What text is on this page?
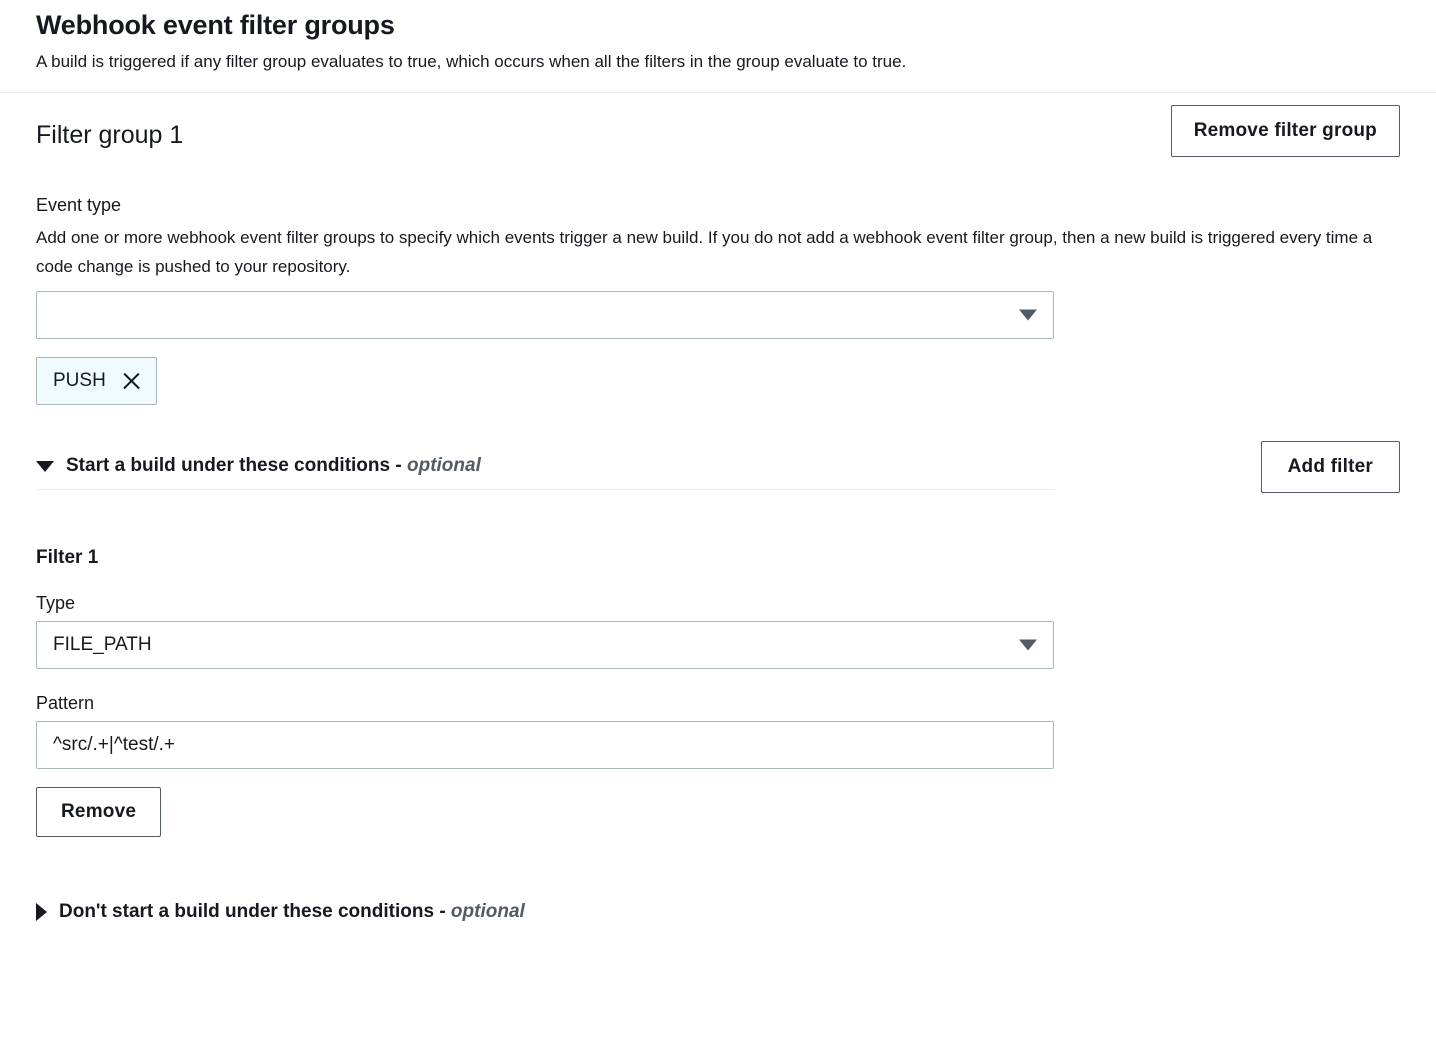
Webhook event filter groups

A build is triggered if any filter group evaluates to true, which occurs when all the filters in the group evaluate to true.

Filter group 1	Remove filter group
Event type

Add one or more webhook event filter groups to specify which events trigger a new build. If you do not add a webhook event filter group, then a new build is triggered every time a code change is pushed to your repository.

PUSH
Start a build under these conditions - optional	Add filter
Filter 1
Type
FILE_PATH
Pattern
^src/.+|^test/.+
Remove
Don't start a build under these conditions - optional
